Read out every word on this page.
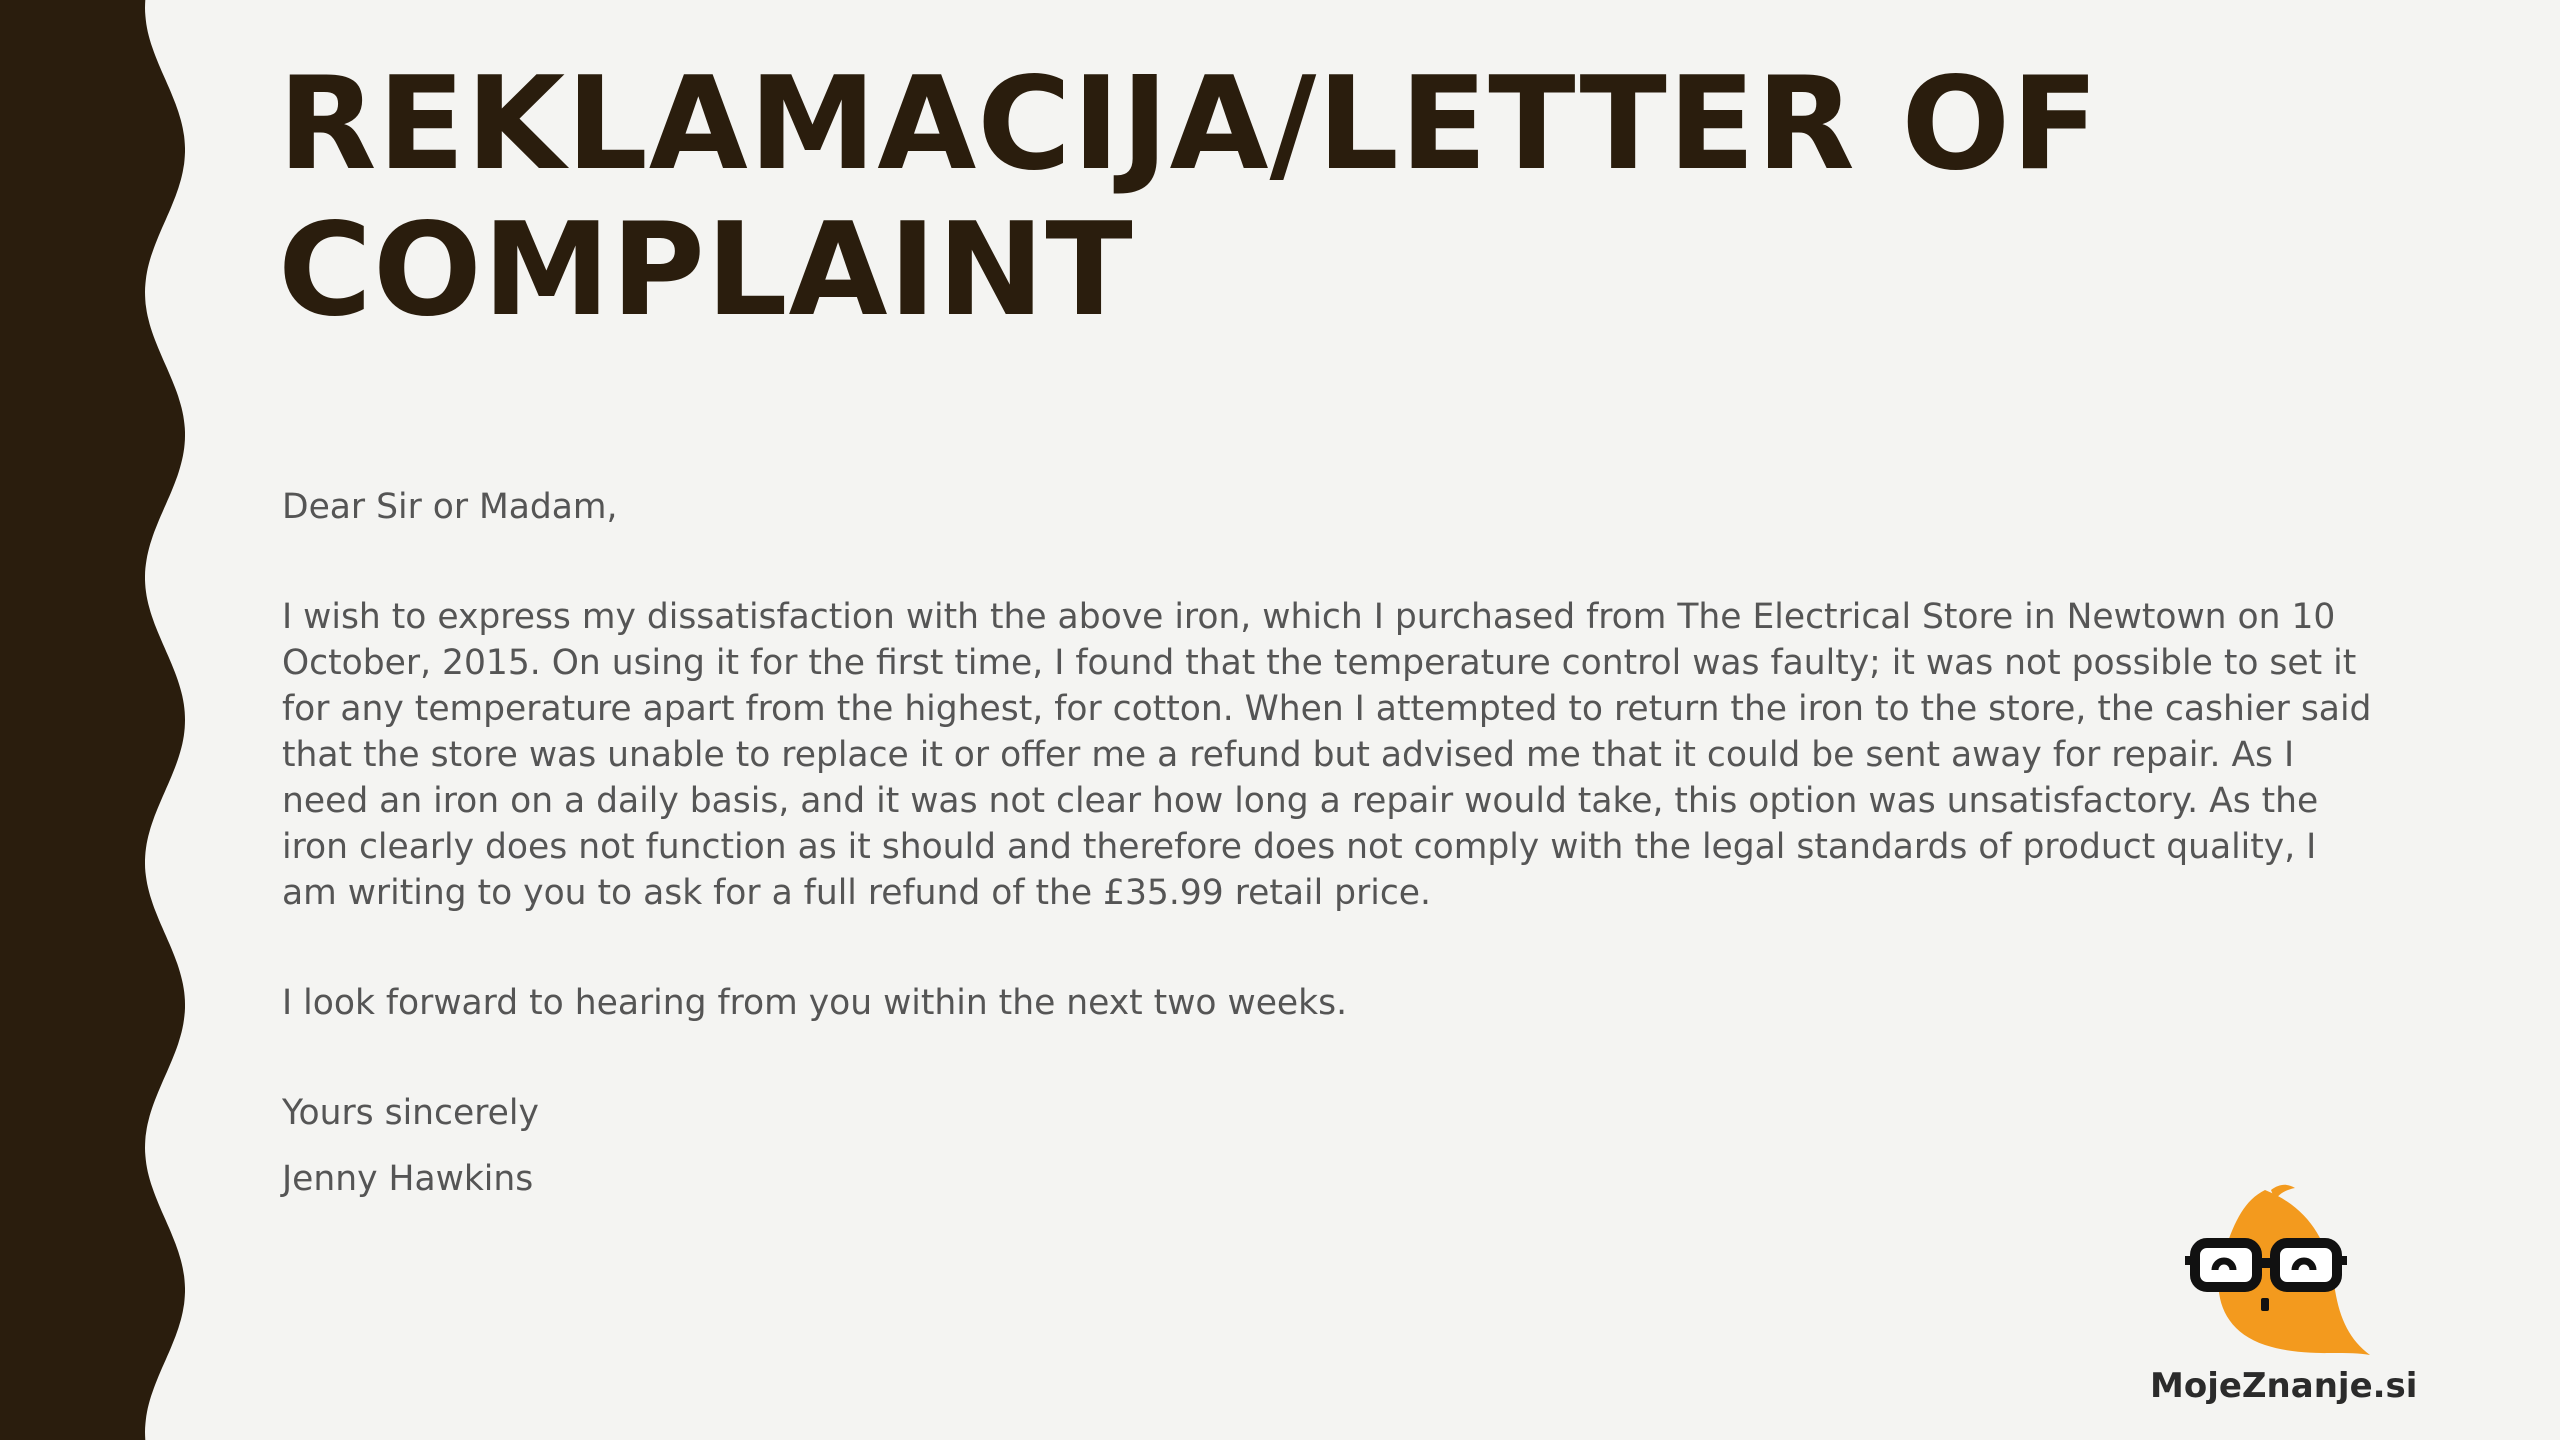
REKLAMACIJA/LETTER OF COMPLAINT

Dear Sir or Madam,

I wish to express my dissatisfaction with the above iron, which I purchased from The Electrical Store in Newtown on 10 October, 2015. On using it for the first time, I found that the temperature control was faulty; it was not possible to set it for any temperature apart from the highest, for cotton. When I attempted to return the iron to the store, the cashier said that the store was unable to replace it or offer me a refund but advised me that it could be sent away for repair. As I need an iron on a daily basis, and it was not clear how long a repair would take, this option was unsatisfactory. As the iron clearly does not function as it should and therefore does not comply with the legal standards of product quality, I am writing to you to ask for a full refund of the £35.99 retail price.

I look forward to hearing from you within the next two weeks.

Yours sincerely

Jenny Hawkins

MojeZnanje.si
